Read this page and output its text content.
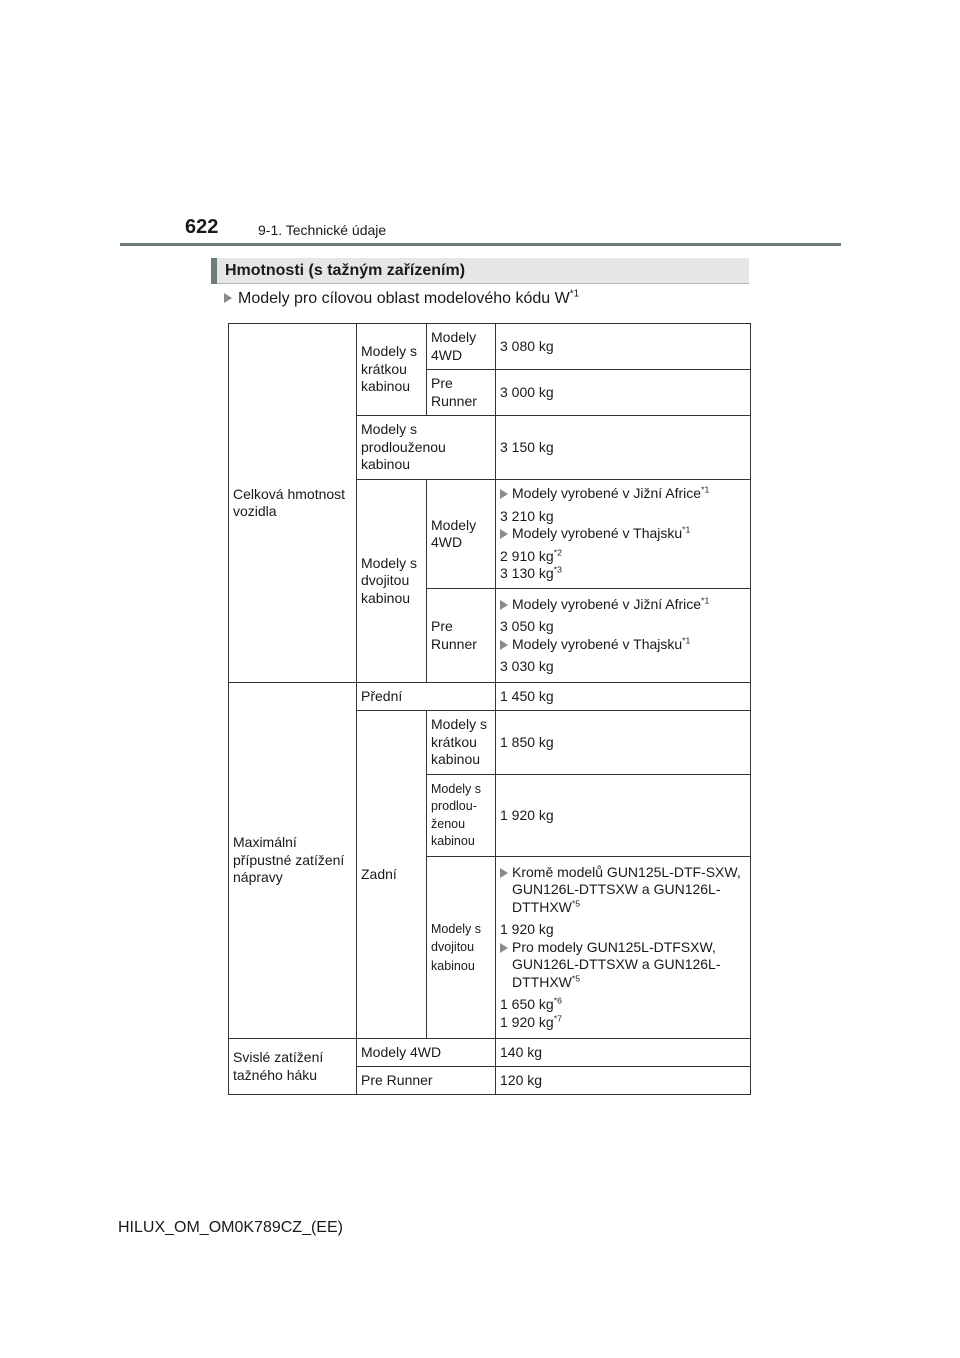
622	9-1. Technické údaje
Hmotnosti (s tažným zařízením)
Modely pro cílovou oblast modelového kódu $W^{*1}$
Celková hmotnost vozidla	Modely s krátkou kabinou	Modely 4WD	3 080 kg
		Pre Runner	3 000 kg
	Modely s prodlouženou kabinou		3 150 kg
	Modely s dvojitou kabinou	Modely 4WD	Modely vyrobené v Jižní Africe$^{*1}$
3 210 kg
Modely vyrobené v Thajsku$^{*1}$
2 910 $kg^{*2}$
3 130 $kg^{*3}$

		Pre Runner	Modely vyrobené v Jižní Africe$^{*1}$
3 050 kg
Modely vyrobené v Thajsku$^{*1}$
3 030 kg

Maximální přípustné zatížení nápravy	Přední		1 450 kg
	Zadní	Modely s krátkou kabinou	1 850 kg
		Modely s prodlou-ženou kabinou	1 920 kg
		Modely s dvojitou kabinou	Kromě modelů GUN125L-DTF-SXW, GUN126L-DTTSXW a GUN126L-DTTHXW$^{*5}$
1 920 kg
Pro modely GUN125L-DTFSXW, GUN126L-DTTSXW a GUN126L-DTTHXW$^{*5}$
1 650 $kg^{*6}$
1 920 $kg^{*7}$

Svislé zatížení tažného háku	Modely 4WD		140 kg
	Pre Runner		120 kg
HILUX_OM_OM0K789CZ_(EE)
